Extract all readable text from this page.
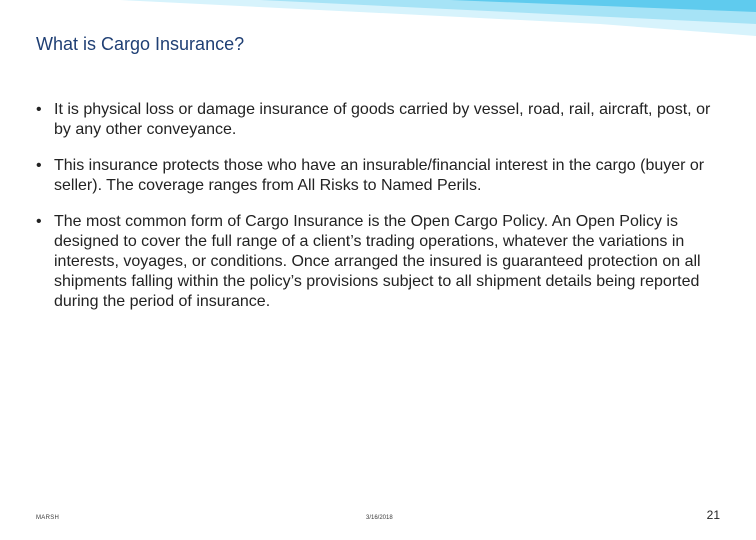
What is Cargo Insurance?
• It is physical loss or damage insurance of goods carried by vessel, road, rail, aircraft, post, or by any other conveyance.
• This insurance protects those who have an insurable/financial interest in the cargo (buyer or seller). The coverage ranges from All Risks to Named Perils.
• The most common form of Cargo Insurance is the Open Cargo Policy. An Open Policy is designed to cover the full range of a client’s trading operations, whatever the variations in interests, voyages, or conditions. Once arranged the insured is guaranteed protection on all shipments falling within the policy’s provisions subject to all shipment details being reported during the period of insurance.
MARSH	3/16/2018	21
